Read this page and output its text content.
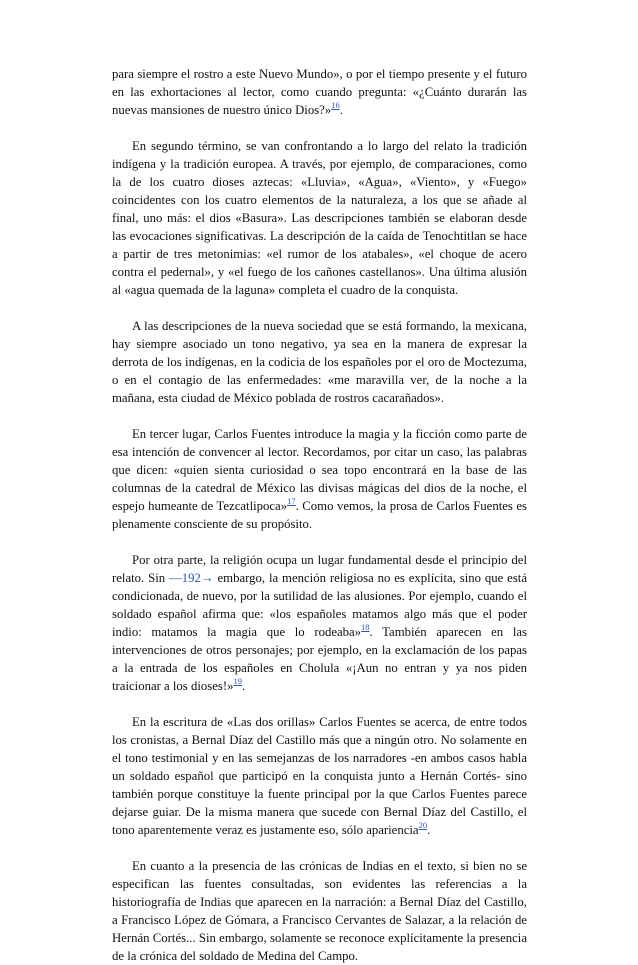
para siempre el rostro a este Nuevo Mundo», o por el tiempo presente y el futuro en las exhortaciones al lector, como cuando pregunta: «¿Cuánto durarán las nuevas mansiones de nuestro único Dios?»$^{16}$.

En segundo término, se van confrontando a lo largo del relato la tradición indígena y la tradición europea. A través, por ejemplo, de comparaciones, como la de los cuatro dioses aztecas: «Lluvia», «Agua», «Viento», y «Fuego» coincidentes con los cuatro elementos de la naturaleza, a los que se añade al final, uno más: el dios «Basura». Las descripciones también se elaboran desde las evocaciones significativas. La descripción de la caída de Tenochtitlan se hace a partir de tres metonimias: «el rumor de los atabales», «el choque de acero contra el pedernal», y «el fuego de los cañones castellanos». Una última alusión al «agua quemada de la laguna» completa el cuadro de la conquista.

A las descripciones de la nueva sociedad que se está formando, la mexicana, hay siempre asociado un tono negativo, ya sea en la manera de expresar la derrota de los indígenas, en la codicia de los españoles por el oro de Moctezuma, o en el contagio de las enfermedades: «me maravilla ver, de la noche a la mañana, esta ciudad de México poblada de rostros cacarañados».

En tercer lugar, Carlos Fuentes introduce la magia y la ficción como parte de esa intención de convencer al lector. Recordamos, por citar un caso, las palabras que dicen: «quien sienta curiosidad o sea topo encontrará en la base de las columnas de la catedral de México las divisas mágicas del dios de la noche, el espejo humeante de Tezcatlipoca»$^{17}$. Como vemos, la prosa de Carlos Fuentes es plenamente consciente de su propósito.

Por otra parte, la religión ocupa un lugar fundamental desde el principio del relato. Sin —192→ embargo, la mención religiosa no es explícita, sino que está condicionada, de nuevo, por la sutilidad de las alusiones. Por ejemplo, cuando el soldado español afirma que: «los españoles matamos algo más que el poder indio: matamos la magia que lo rodeaba»$^{18}$. También aparecen en las intervenciones de otros personajes; por ejemplo, en la exclamación de los papas a la entrada de los españoles en Cholula «¡Aun no entran y ya nos piden traicionar a los dioses!»$^{19}$.

En la escritura de «Las dos orillas» Carlos Fuentes se acerca, de entre todos los cronistas, a Bernal Díaz del Castillo más que a ningún otro. No solamente en el tono testimonial y en las semejanzas de los narradores -en ambos casos habla un soldado español que participó en la conquista junto a Hernán Cortés- sino también porque constituye la fuente principal por la que Carlos Fuentes parece dejarse guiar. De la misma manera que sucede con Bernal Díaz del Castillo, el tono aparentemente veraz es justamente eso, sólo apariencia$^{20}$.

En cuanto a la presencia de las crónicas de Indias en el texto, si bien no se especifican las fuentes consultadas, son evidentes las referencias a la historiografía de Indias que aparecen en la narración: a Bernal Díaz del Castillo, a Francisco López de Gómara, a Francisco Cervantes de Salazar, a la relación de Hernán Cortés... Sin embargo, solamente se reconoce explícitamente la presencia de la crónica del soldado de Medina del Campo.
